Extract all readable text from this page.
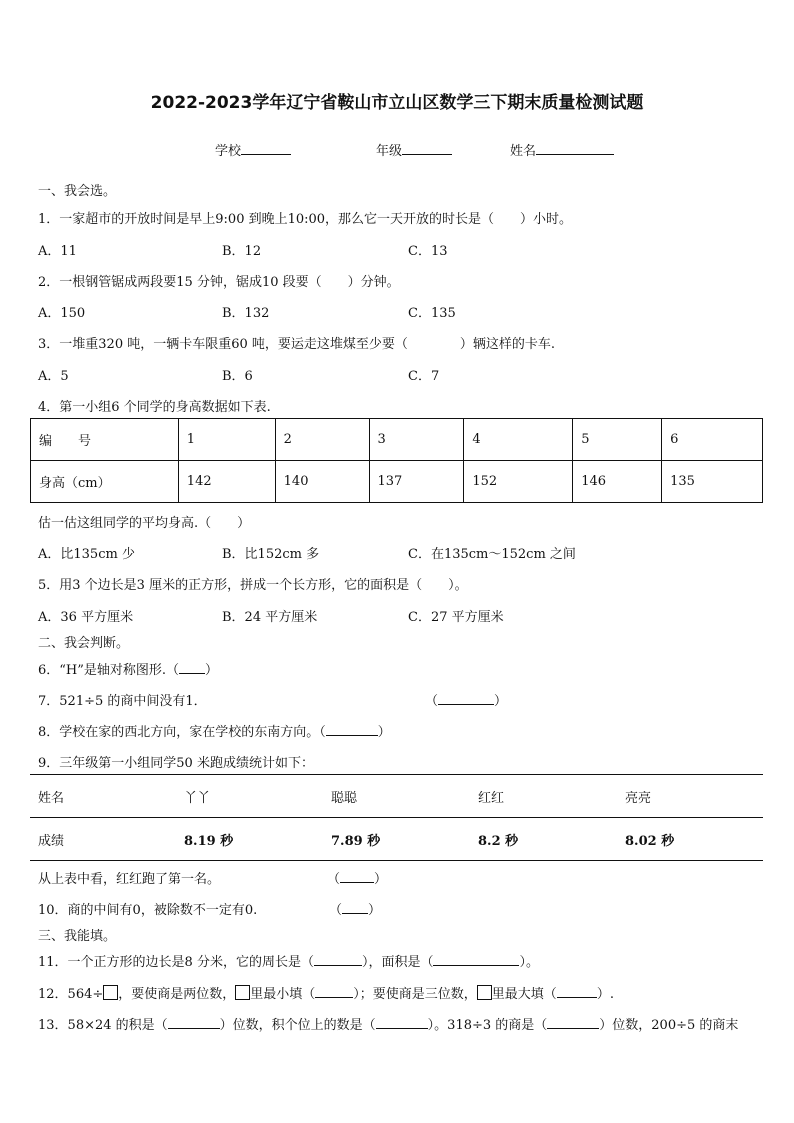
2022-2023学年辽宁省鞍山市立山区数学三下期末质量检测试题
学校	年级	姓名
一、我会选。
1．一家超市的开放时间是早上9:00 到晚上10:00，那么它一天开放的时长是（　　）小时。
A．11	B．12	C．13
2．一根钢管锯成两段要15 分钟，锯成10 段要（　　）分钟。
A．150	B．132	C．135
3．一堆重320 吨，一辆卡车限重60 吨，要运走这堆煤至少要（　　　　）辆这样的卡车.
A．5	B．6	C．7
4．第一小组6 个同学的身高数据如下表.
编　　号	1	2	3	4	5	6
身高（cm）	142	140	137	152	146	135
估一估这组同学的平均身高.（　　）
A．比135cm 少	B．比152cm 多	C．在135cm～152cm 之间
5．用3 个边长是3 厘米的正方形，拼成一个长方形，它的面积是（　　）。
A．36 平方厘米	B．24 平方厘米	C．27 平方厘米
二、我会判断。
6．“H”是轴对称图形.（ ）
7．521÷5 的商中间没有1．	（	）
8．学校在家的西北方向，家在学校的东南方向。（	）
9．三年级第一小组同学50 米跑成绩统计如下：
姓名	丫丫	聪聪	红红	亮亮
成绩	8.19 秒	7.89 秒	8.2 秒	8.02 秒
从上表中看，红红跑了第一名。	（	）
10．商的中间有0，被除数不一定有0.	（ ）
三、我能填。
11．一个正方形的边长是8 分米，它的周长是（	），面积是（	）。
12．564÷ ，要使商是两位数， 里最小填（	）；要使商是三位数， 里最大填（	）.
13．58×24 的积是（	）位数，积个位上的数是（	）。318÷3 的商是（	）位数，200÷5 的商末
